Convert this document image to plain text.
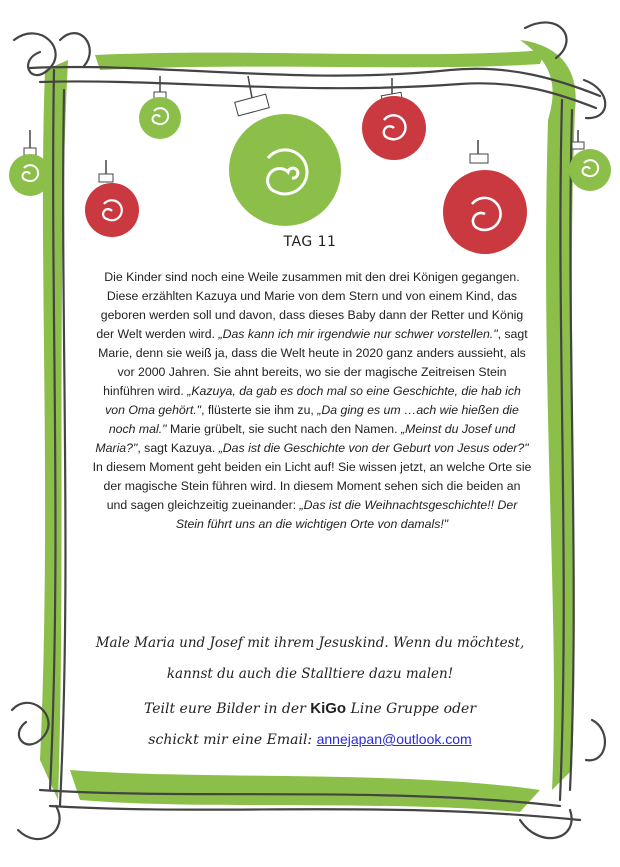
TAG 11

Die Kinder sind noch eine Weile zusammen mit den drei Königen gegangen. Diese erzählten Kazuya und Marie von dem Stern und von einem Kind, das geboren werden soll und davon, dass dieses Baby dann der Retter und König der Welt werden wird. „Das kann ich mir irgendwie nur schwer vorstellen.", sagt Marie, denn sie weiß ja, dass die Welt heute in 2020 ganz anders aussieht, als vor 2000 Jahren. Sie ahnt bereits, wo sie der magische Zeitreisen Stein hinführen wird. „Kazuya, da gab es doch mal so eine Geschichte, die hab ich von Oma gehört.", flüsterte sie ihm zu, „Da ging es um …ach wie hießen die noch mal." Marie grübelt, sie sucht nach den Namen. „Meinst du Josef und Maria?", sagt Kazuya. „Das ist die Geschichte von der Geburt von Jesus oder?" In diesem Moment geht beiden ein Licht auf! Sie wissen jetzt, an welche Orte sie der magische Stein führen wird. In diesem Moment sehen sich die beiden an und sagen gleichzeitig zueinander: „Das ist die Weihnachtsgeschichte!! Der Stein führt uns an die wichtigen Orte von damals!"

Male Maria und Josef mit ihrem Jesuskind. Wenn du möchtest,
kannst du auch die Stalltiere dazu malen!
Teilt eure Bilder in der KiGo Line Gruppe oder
schickt mir eine Email: annejapan@outlook.com
